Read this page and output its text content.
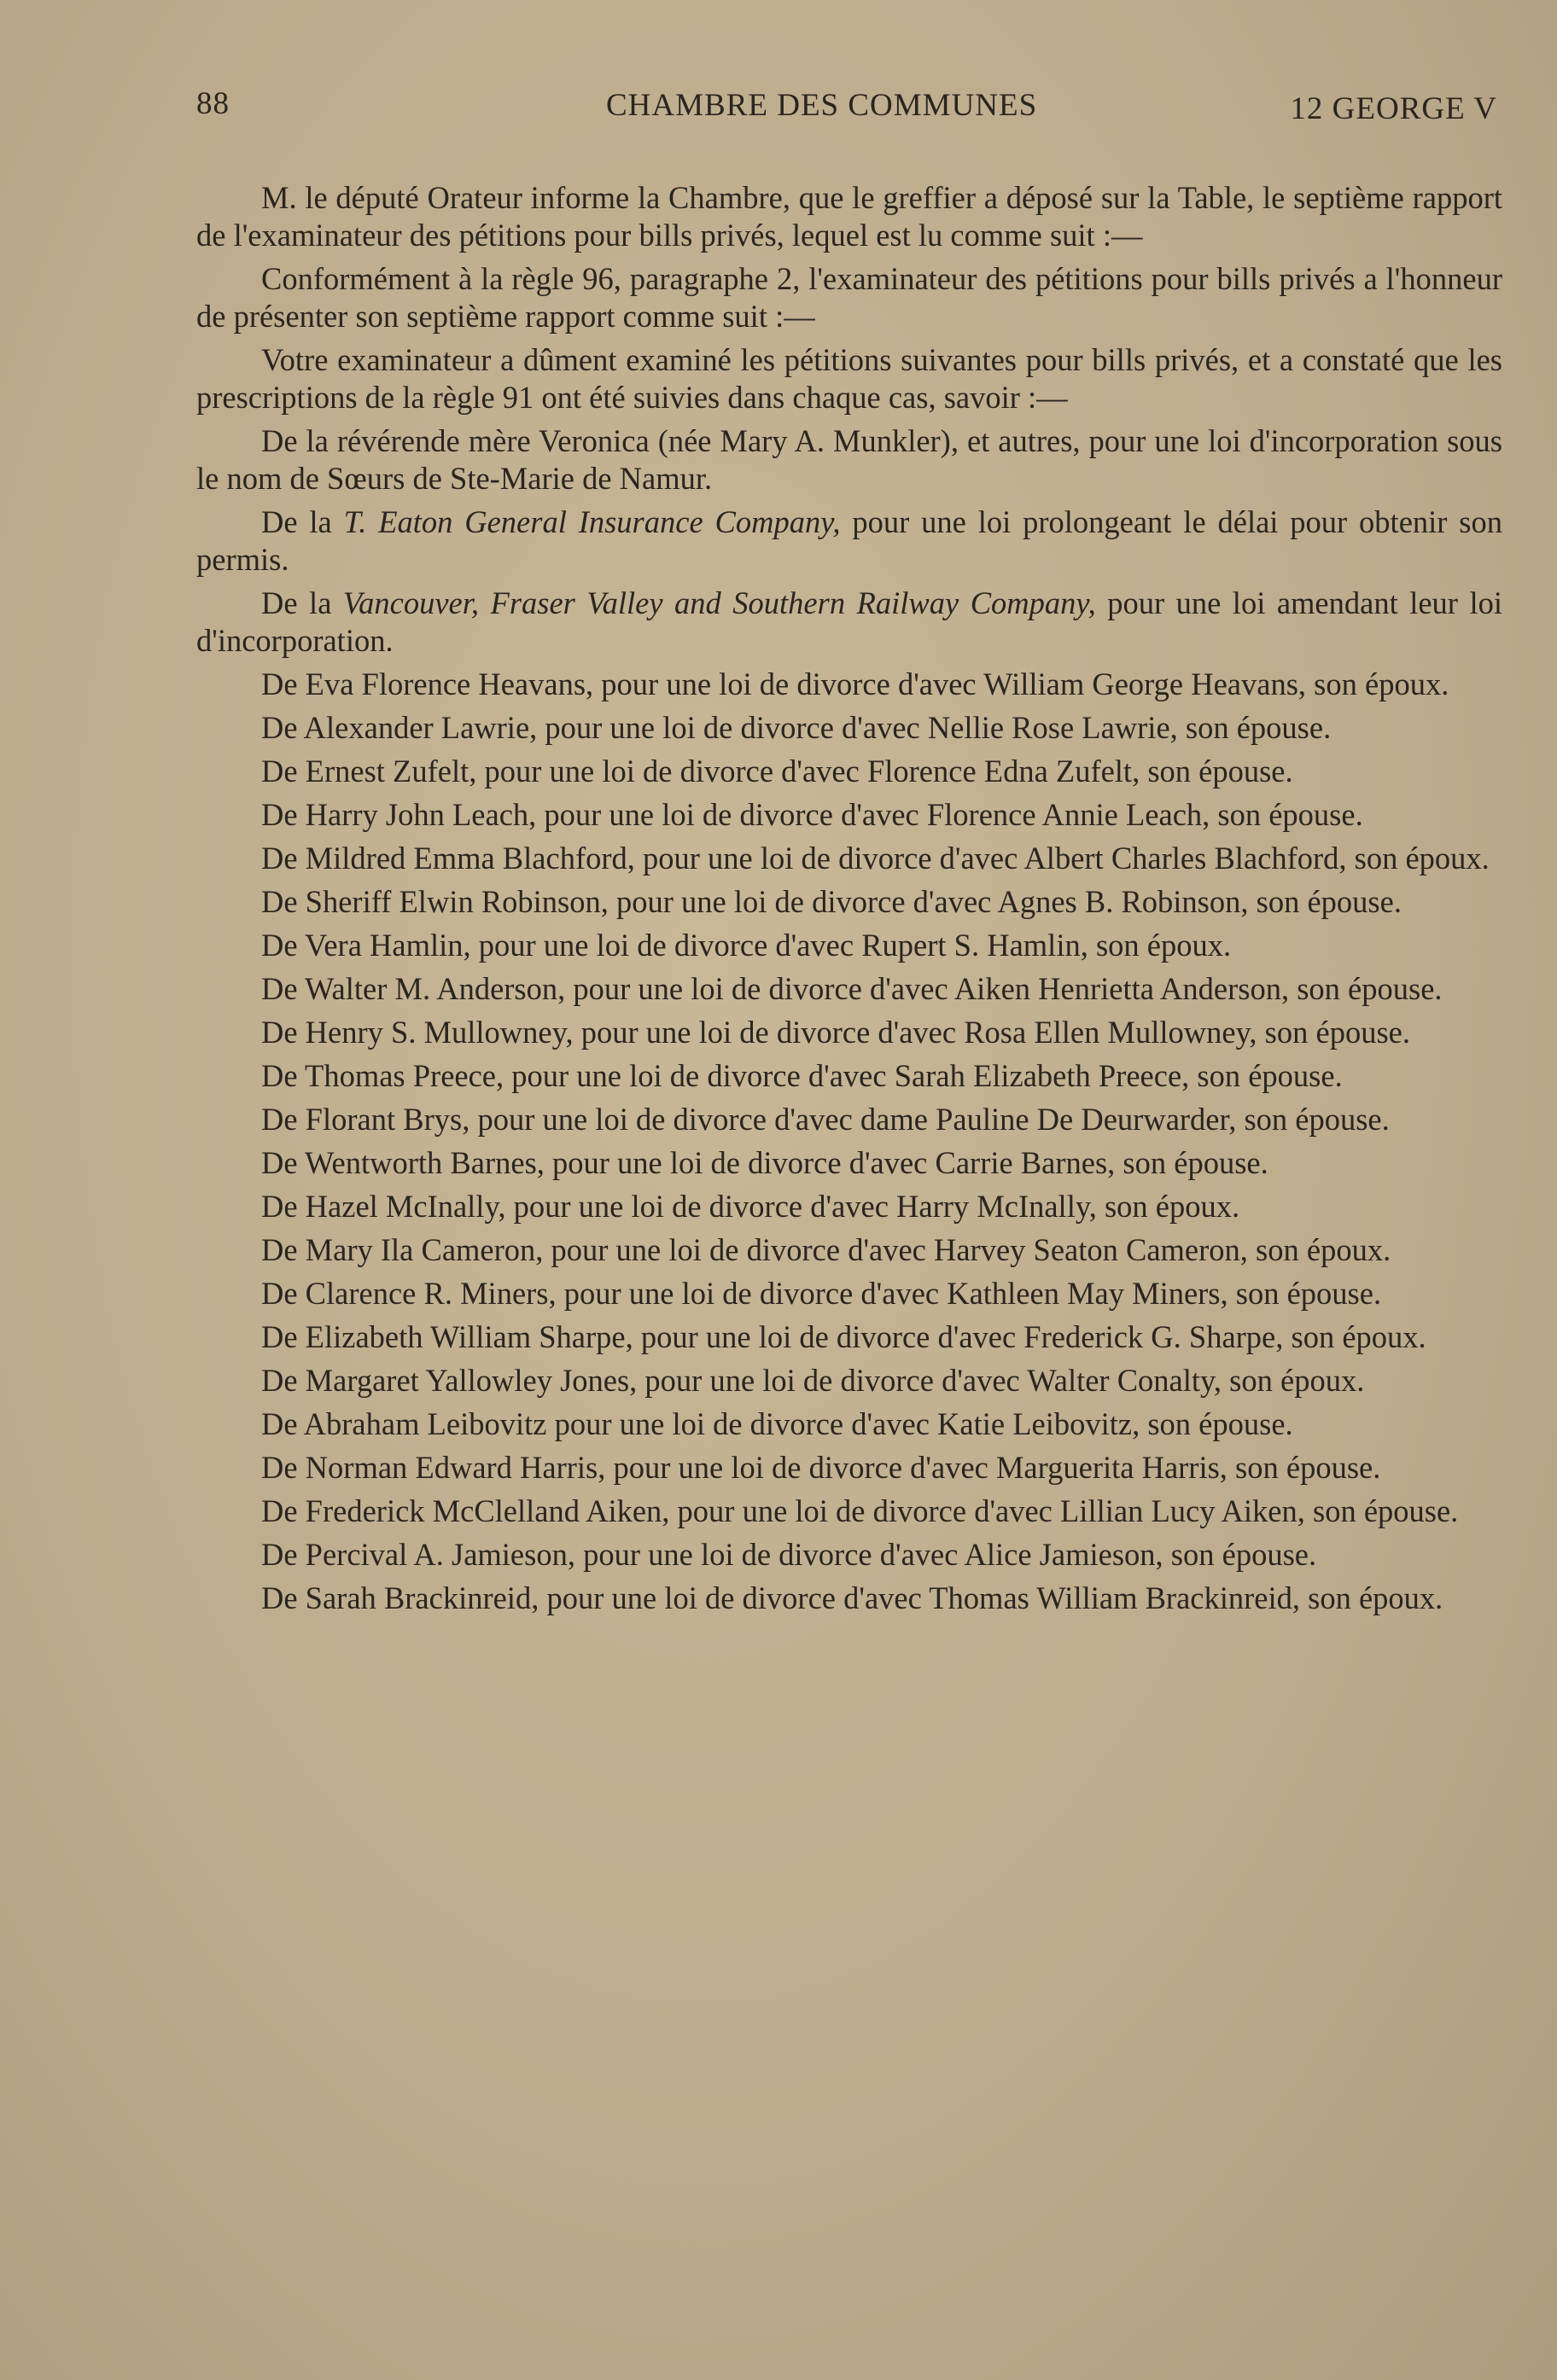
88	CHAMBRE DES COMMUNES	12 GEORGE V

M. le député Orateur informe la Chambre, que le greffier a déposé sur la Table, le septième rapport de l'examinateur des pétitions pour bills privés, lequel est lu comme suit :—

Conformément à la règle 96, paragraphe 2, l'examinateur des pétitions pour bills privés a l'honneur de présenter son septième rapport comme suit :—

Votre examinateur a dûment examiné les pétitions suivantes pour bills privés, et a constaté que les prescriptions de la règle 91 ont été suivies dans chaque cas, savoir :—

De la révérende mère Veronica (née Mary A. Munkler), et autres, pour une loi d'incorporation sous le nom de Sœurs de Ste-Marie de Namur.

De la T. Eaton General Insurance Company, pour une loi prolongeant le délai pour obtenir son permis.

De la Vancouver, Fraser Valley and Southern Railway Company, pour une loi amendant leur loi d'incorporation.

De Eva Florence Heavans, pour une loi de divorce d'avec William George Heavans, son époux.

De Alexander Lawrie, pour une loi de divorce d'avec Nellie Rose Lawrie, son épouse.

De Ernest Zufelt, pour une loi de divorce d'avec Florence Edna Zufelt, son épouse.

De Harry John Leach, pour une loi de divorce d'avec Florence Annie Leach, son épouse.

De Mildred Emma Blachford, pour une loi de divorce d'avec Albert Charles Blachford, son époux.

De Sheriff Elwin Robinson, pour une loi de divorce d'avec Agnes B. Robinson, son épouse.

De Vera Hamlin, pour une loi de divorce d'avec Rupert S. Hamlin, son époux.

De Walter M. Anderson, pour une loi de divorce d'avec Aiken Henrietta Anderson, son épouse.

De Henry S. Mullowney, pour une loi de divorce d'avec Rosa Ellen Mullowney, son épouse.

De Thomas Preece, pour une loi de divorce d'avec Sarah Elizabeth Preece, son épouse.

De Florant Brys, pour une loi de divorce d'avec dame Pauline De Deurwarder, son épouse.

De Wentworth Barnes, pour une loi de divorce d'avec Carrie Barnes, son épouse.

De Hazel McInally, pour une loi de divorce d'avec Harry McInally, son époux.

De Mary Ila Cameron, pour une loi de divorce d'avec Harvey Seaton Cameron, son époux.

De Clarence R. Miners, pour une loi de divorce d'avec Kathleen May Miners, son épouse.

De Elizabeth William Sharpe, pour une loi de divorce d'avec Frederick G. Sharpe, son époux.

De Margaret Yallowley Jones, pour une loi de divorce d'avec Walter Conalty, son époux.

De Abraham Leibovitz pour une loi de divorce d'avec Katie Leibovitz, son épouse.

De Norman Edward Harris, pour une loi de divorce d'avec Marguerita Harris, son épouse.

De Frederick McClelland Aiken, pour une loi de divorce d'avec Lillian Lucy Aiken, son épouse.

De Percival A. Jamieson, pour une loi de divorce d'avec Alice Jamieson, son épouse.

De Sarah Brackinreid, pour une loi de divorce d'avec Thomas William Brackinreid, son époux.
